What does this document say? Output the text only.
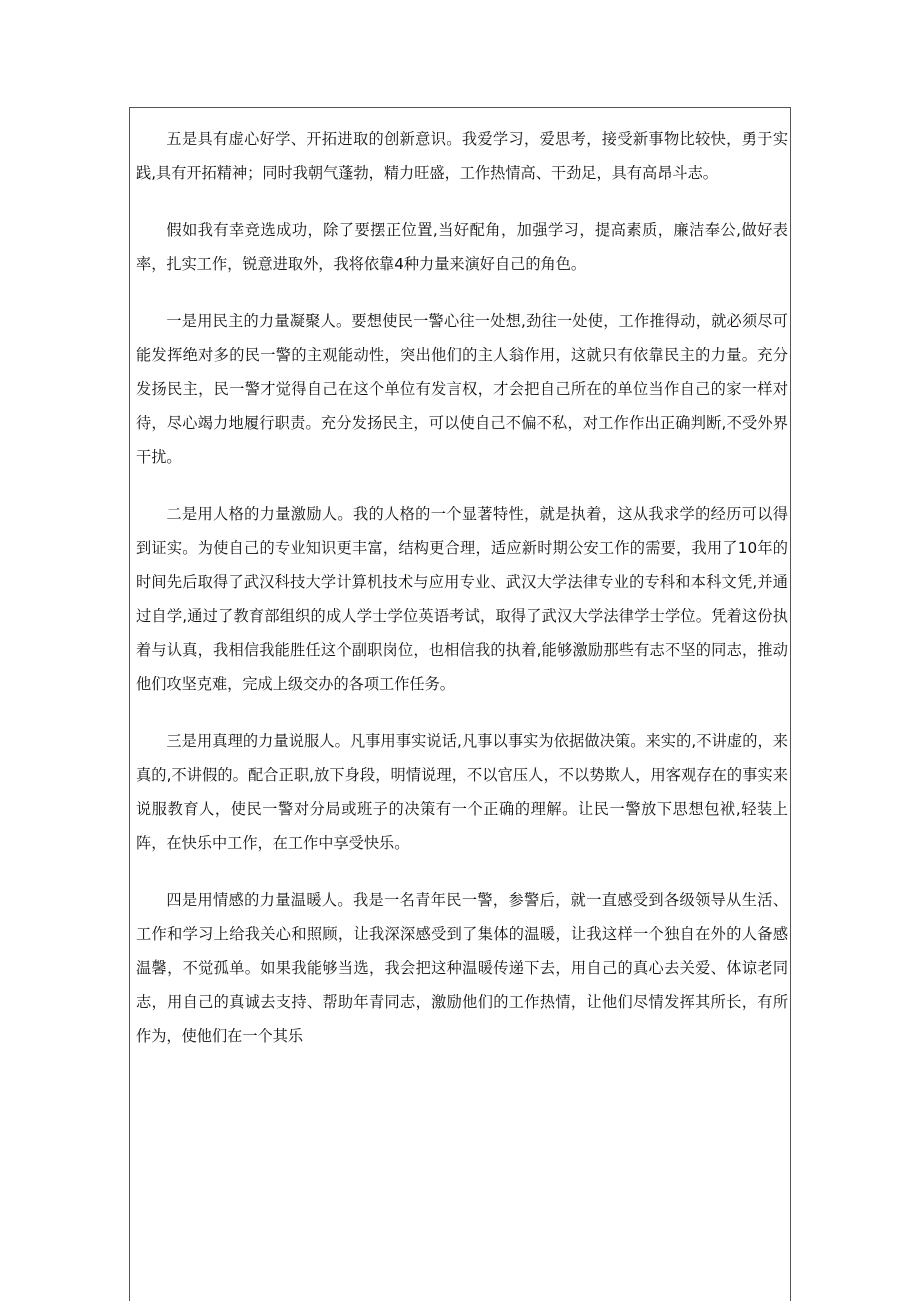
五是具有虚心好学、开拓进取的创新意识。我爱学习，爱思考，接受新事物比较快，勇于实践,具有开拓精神；同时我朝气蓬勃，精力旺盛，工作热情高、干劲足，具有高昂斗志。

假如我有幸竞选成功，除了要摆正位置,当好配角，加强学习，提高素质，廉洁奉公,做好表率，扎实工作，锐意进取外，我将依靠4种力量来演好自己的角色。

一是用民主的力量凝聚人。要想使民一警心往一处想,劲往一处使，工作推得动，就必须尽可能发挥绝对多的民一警的主观能动性，突出他们的主人翁作用，这就只有依靠民主的力量。充分发扬民主，民一警才觉得自己在这个单位有发言权，才会把自己所在的单位当作自己的家一样对待，尽心竭力地履行职责。充分发扬民主，可以使自己不偏不私，对工作作出正确判断,不受外界干扰。

二是用人格的力量激励人。我的人格的一个显著特性，就是执着，这从我求学的经历可以得到证实。为使自己的专业知识更丰富，结构更合理，适应新时期公安工作的需要，我用了10年的时间先后取得了武汉科技大学计算机技术与应用专业、武汉大学法律专业的专科和本科文凭,并通过自学,通过了教育部组织的成人学士学位英语考试，取得了武汉大学法律学士学位。凭着这份执着与认真，我相信我能胜任这个副职岗位，也相信我的执着,能够激励那些有志不坚的同志，推动他们攻坚克难，完成上级交办的各项工作任务。

三是用真理的力量说服人。凡事用事实说话,凡事以事实为依据做决策。来实的,不讲虚的，来真的,不讲假的。配合正职,放下身段，明情说理，不以官压人，不以势欺人，用客观存在的事实来说服教育人，使民一警对分局或班子的决策有一个正确的理解。让民一警放下思想包袱,轻装上阵，在快乐中工作，在工作中享受快乐。

四是用情感的力量温暖人。我是一名青年民一警，参警后，就一直感受到各级领导从生活、工作和学习上给我关心和照顾，让我深深感受到了集体的温暖，让我这样一个独自在外的人备感温馨，不觉孤单。如果我能够当选，我会把这种温暖传递下去，用自己的真心去关爱、体谅老同志，用自己的真诚去支持、帮助年青同志，激励他们的工作热情，让他们尽情发挥其所长，有所作为，使他们在一个其乐
